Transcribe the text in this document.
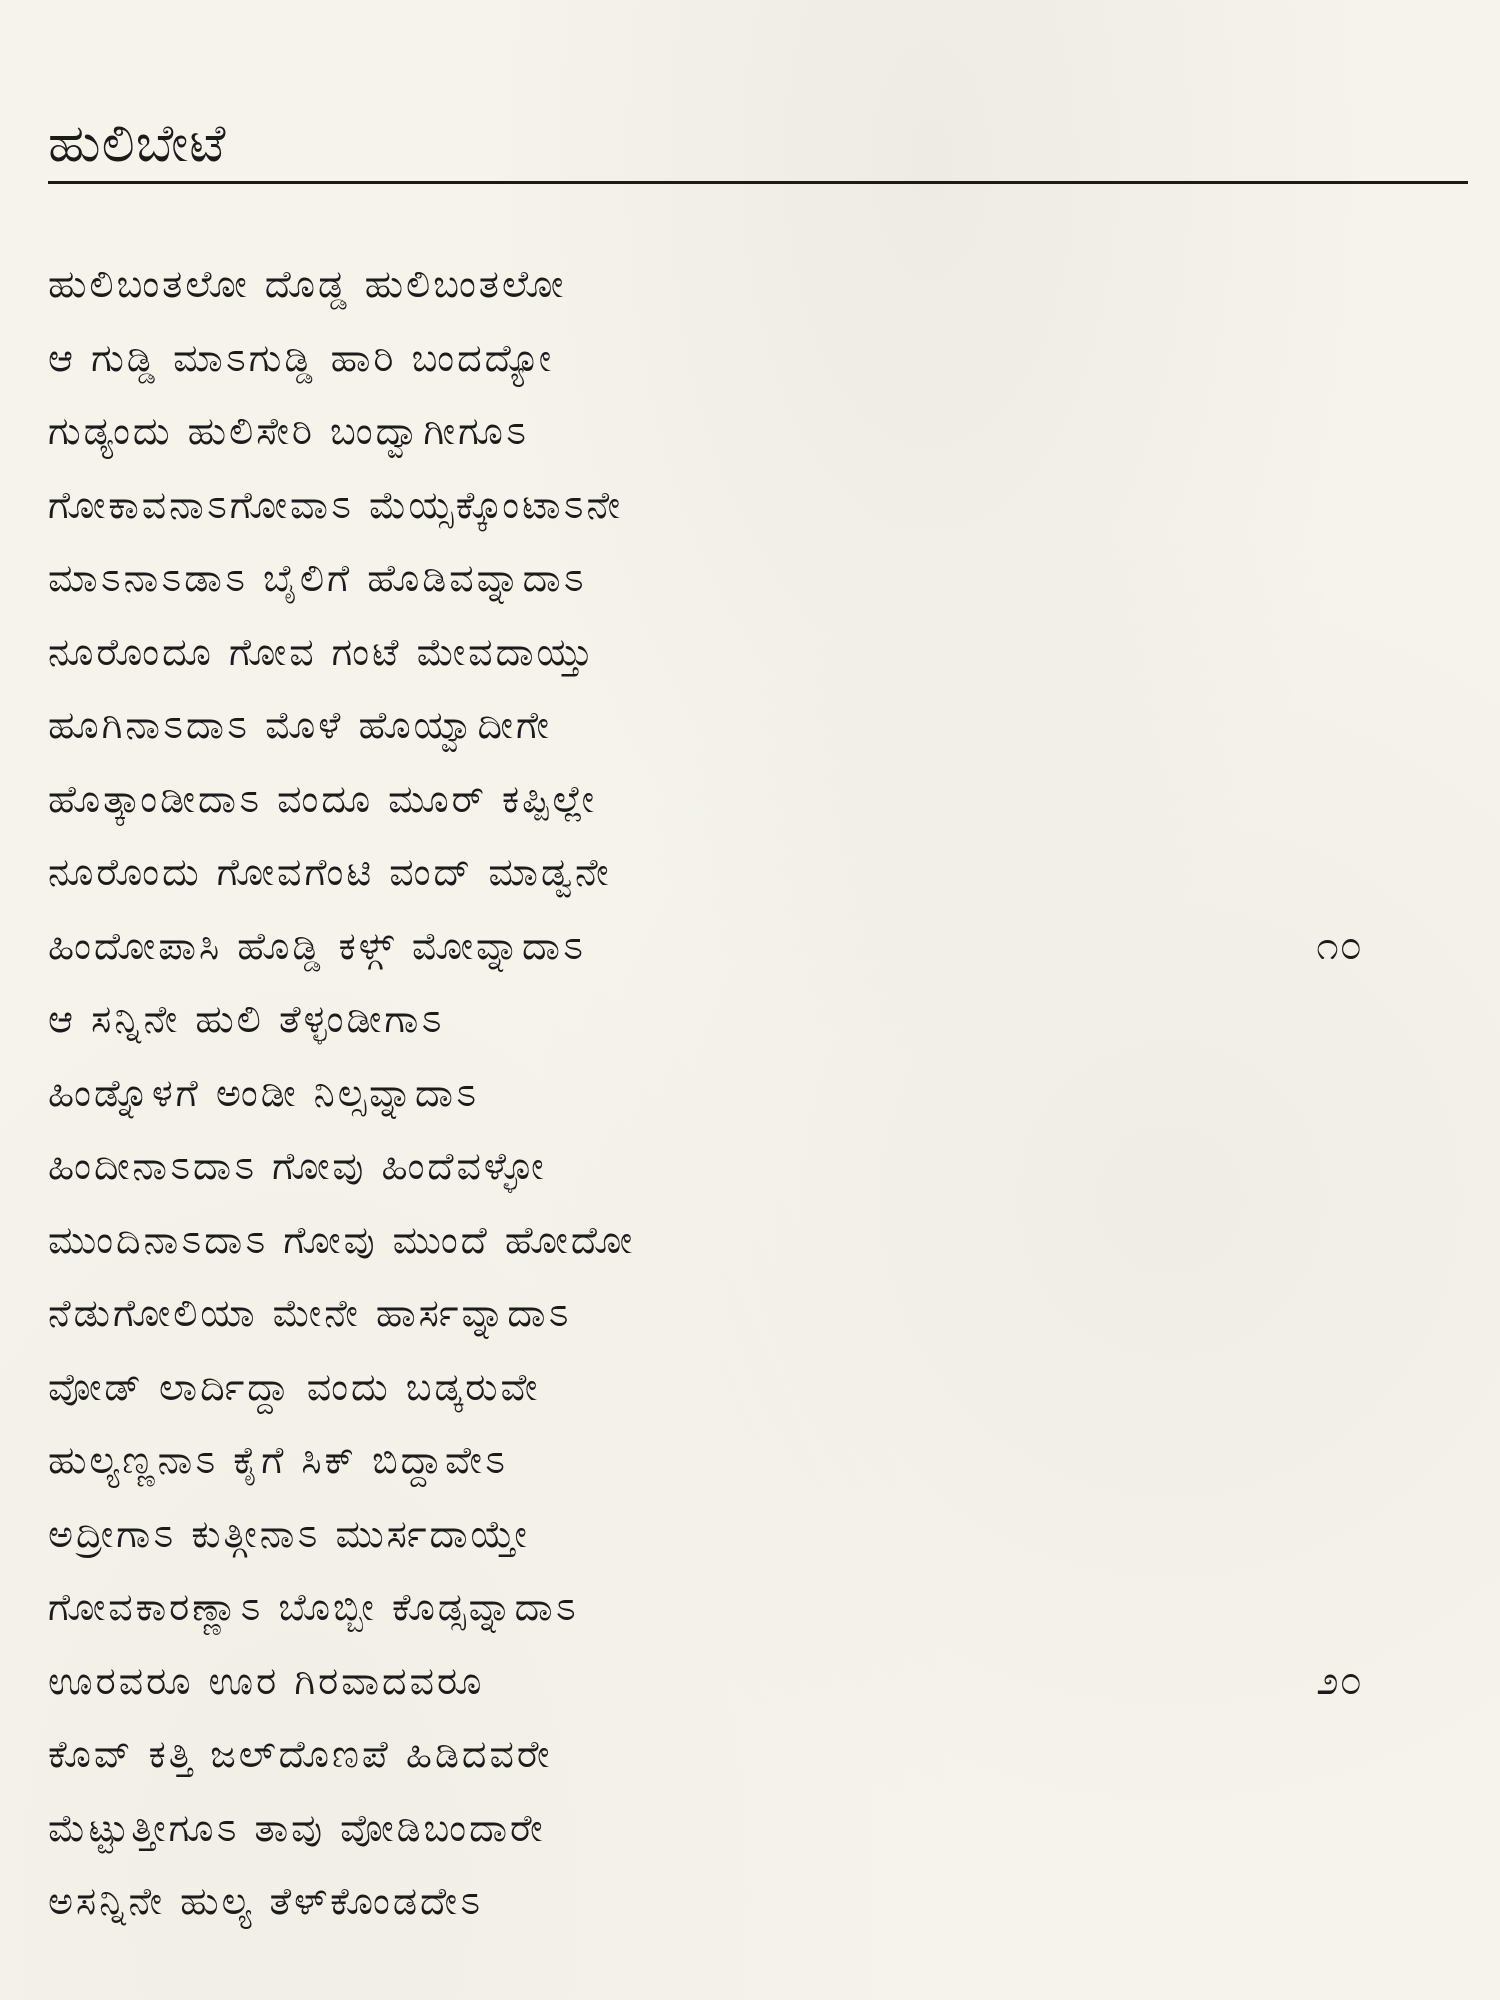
ಹುಲಿಬೇಟೆ
ಹುಲಿಬಂತಲೋ ದೊಡ್ಡ ಹುಲಿಬಂತಲೋ
ಆ ಗುಡ್ಡಿ ಮಾಽಗುಡ್ಡಿ ಹಾರಿ ಬಂದದ್ಯೋ
ಗುಡ್ಯಂದು ಹುಲಿಸೇರಿ ಬಂದ್ವಾಗೀಗೂಽ
ಗೋಕಾವನಾಽಗೋವಾಽ ಮೆಯ್ಸಕ್ಕೊಂಟಾಽನೇ
ಮಾಽನಾಽಡಾಽ ಬೈಲಿಗೆ ಹೊಡಿವವ್ನಾದಾಽ
ನೂರೊಂದೂ ಗೋವ ಗಂಟೆ ಮೇವದಾಯ್ತು
ಹೂಗಿನಾಽದಾಽ ಮೊಳೆ ಹೊಯ್ವಾದೀಗೇ
ಹೊತ್ಕಾಂಡೀದಾಽ ವಂದೂ ಮೂರ್ ಕಪ್ಪಿಲ್ಲೇ
ನೂರೊಂದು ಗೋವಗೆಂಟಿ ವಂದ್ ಮಾಡ್ವನೇ
ಹಿಂದೋಪಾಸಿ ಹೊಡ್ಡಿ ಕಳ್ಗ್ ಮೋವ್ನಾದಾಽ	೧೦
ಆ ಸನ್ನಿನೇ ಹುಲಿ ತೆಳ್ಳಂಡೀಗಾಽ
ಹಿಂಡ್ನೊಳಗೆ ಅಂಡೀ ನಿಲ್ಸವ್ನಾದಾಽ
ಹಿಂದೀನಾಽದಾಽ ಗೋವು ಹಿಂದೆವಳ್ಳೋ
ಮುಂದಿನಾಽದಾಽ ಗೋವು ಮುಂದೆ ಹೋದೋ
ನೆಡುಗೋಲಿಯಾ ಮೇನೇ ಹಾರ್ಸವ್ನಾದಾಽ
ವೋಡ್ ಲಾರ್ದಿದ್ದಾ ವಂದು ಬಡ್ಕರುವೇ
ಹುಲ್ಯಣ್ಣನಾಽ ಕೈಗೆ ಸಿಕ್ ಬಿದ್ದಾವೇಽ
ಅದ್ರೀಗಾಽ ಕುತ್ಗೀನಾಽ ಮುರ್ಸದಾಯ್ತೇ
ಗೋವಕಾರಣ್ಣಾಽ ಬೊಬ್ಬೀ ಕೊಡ್ಸವ್ನಾದಾಽ
ಊರವರೂ ಊರ ಗಿರವಾದವರೂ	೨೦
ಕೊವ್ ಕತ್ತಿ ಜಲ್‌ದೊಣಪೆ ಹಿಡಿದವರೇ
ಮೆಟ್ಟುತ್ತೀಗೂಽ ತಾವು ವೋಡಿಬಂದಾರೇ
ಅಸನ್ನಿನೇ ಹುಲ್ಯ ತೆಳ್‌ಕೊಂಡದೇಽ
